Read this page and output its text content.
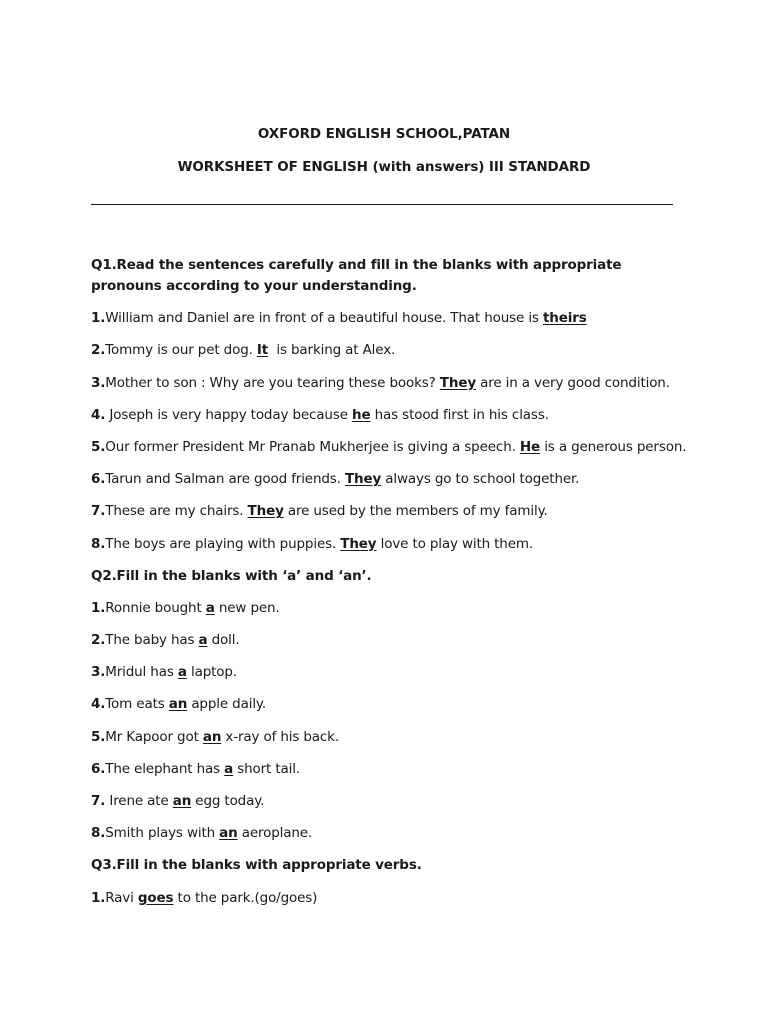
OXFORD ENGLISH SCHOOL,PATAN
WORKSHEET OF ENGLISH (with answers) III STANDARD

Q1.Read the sentences carefully and fill in the blanks with appropriate pronouns according to your understanding.

1.William and Daniel are in front of a beautiful house. That house is theirs

2.Tommy is our pet dog. It  is barking at Alex.

3.Mother to son : Why are you tearing these books? They are in a very good condition.

4. Joseph is very happy today because he has stood first in his class.

5.Our former President Mr Pranab Mukherjee is giving a speech. He is a generous person.

6.Tarun and Salman are good friends. They always go to school together.

7.These are my chairs. They are used by the members of my family.

8.The boys are playing with puppies. They love to play with them.

Q2.Fill in the blanks with ‘a’ and ‘an’.

1.Ronnie bought a new pen.

2.The baby has a doll.

3.Mridul has a laptop.

4.Tom eats an apple daily.

5.Mr Kapoor got an x-ray of his back.

6.The elephant has a short tail.

7. Irene ate an egg today.

8.Smith plays with an aeroplane.

Q3.Fill in the blanks with appropriate verbs.

1.Ravi goes to the park.(go/goes)
